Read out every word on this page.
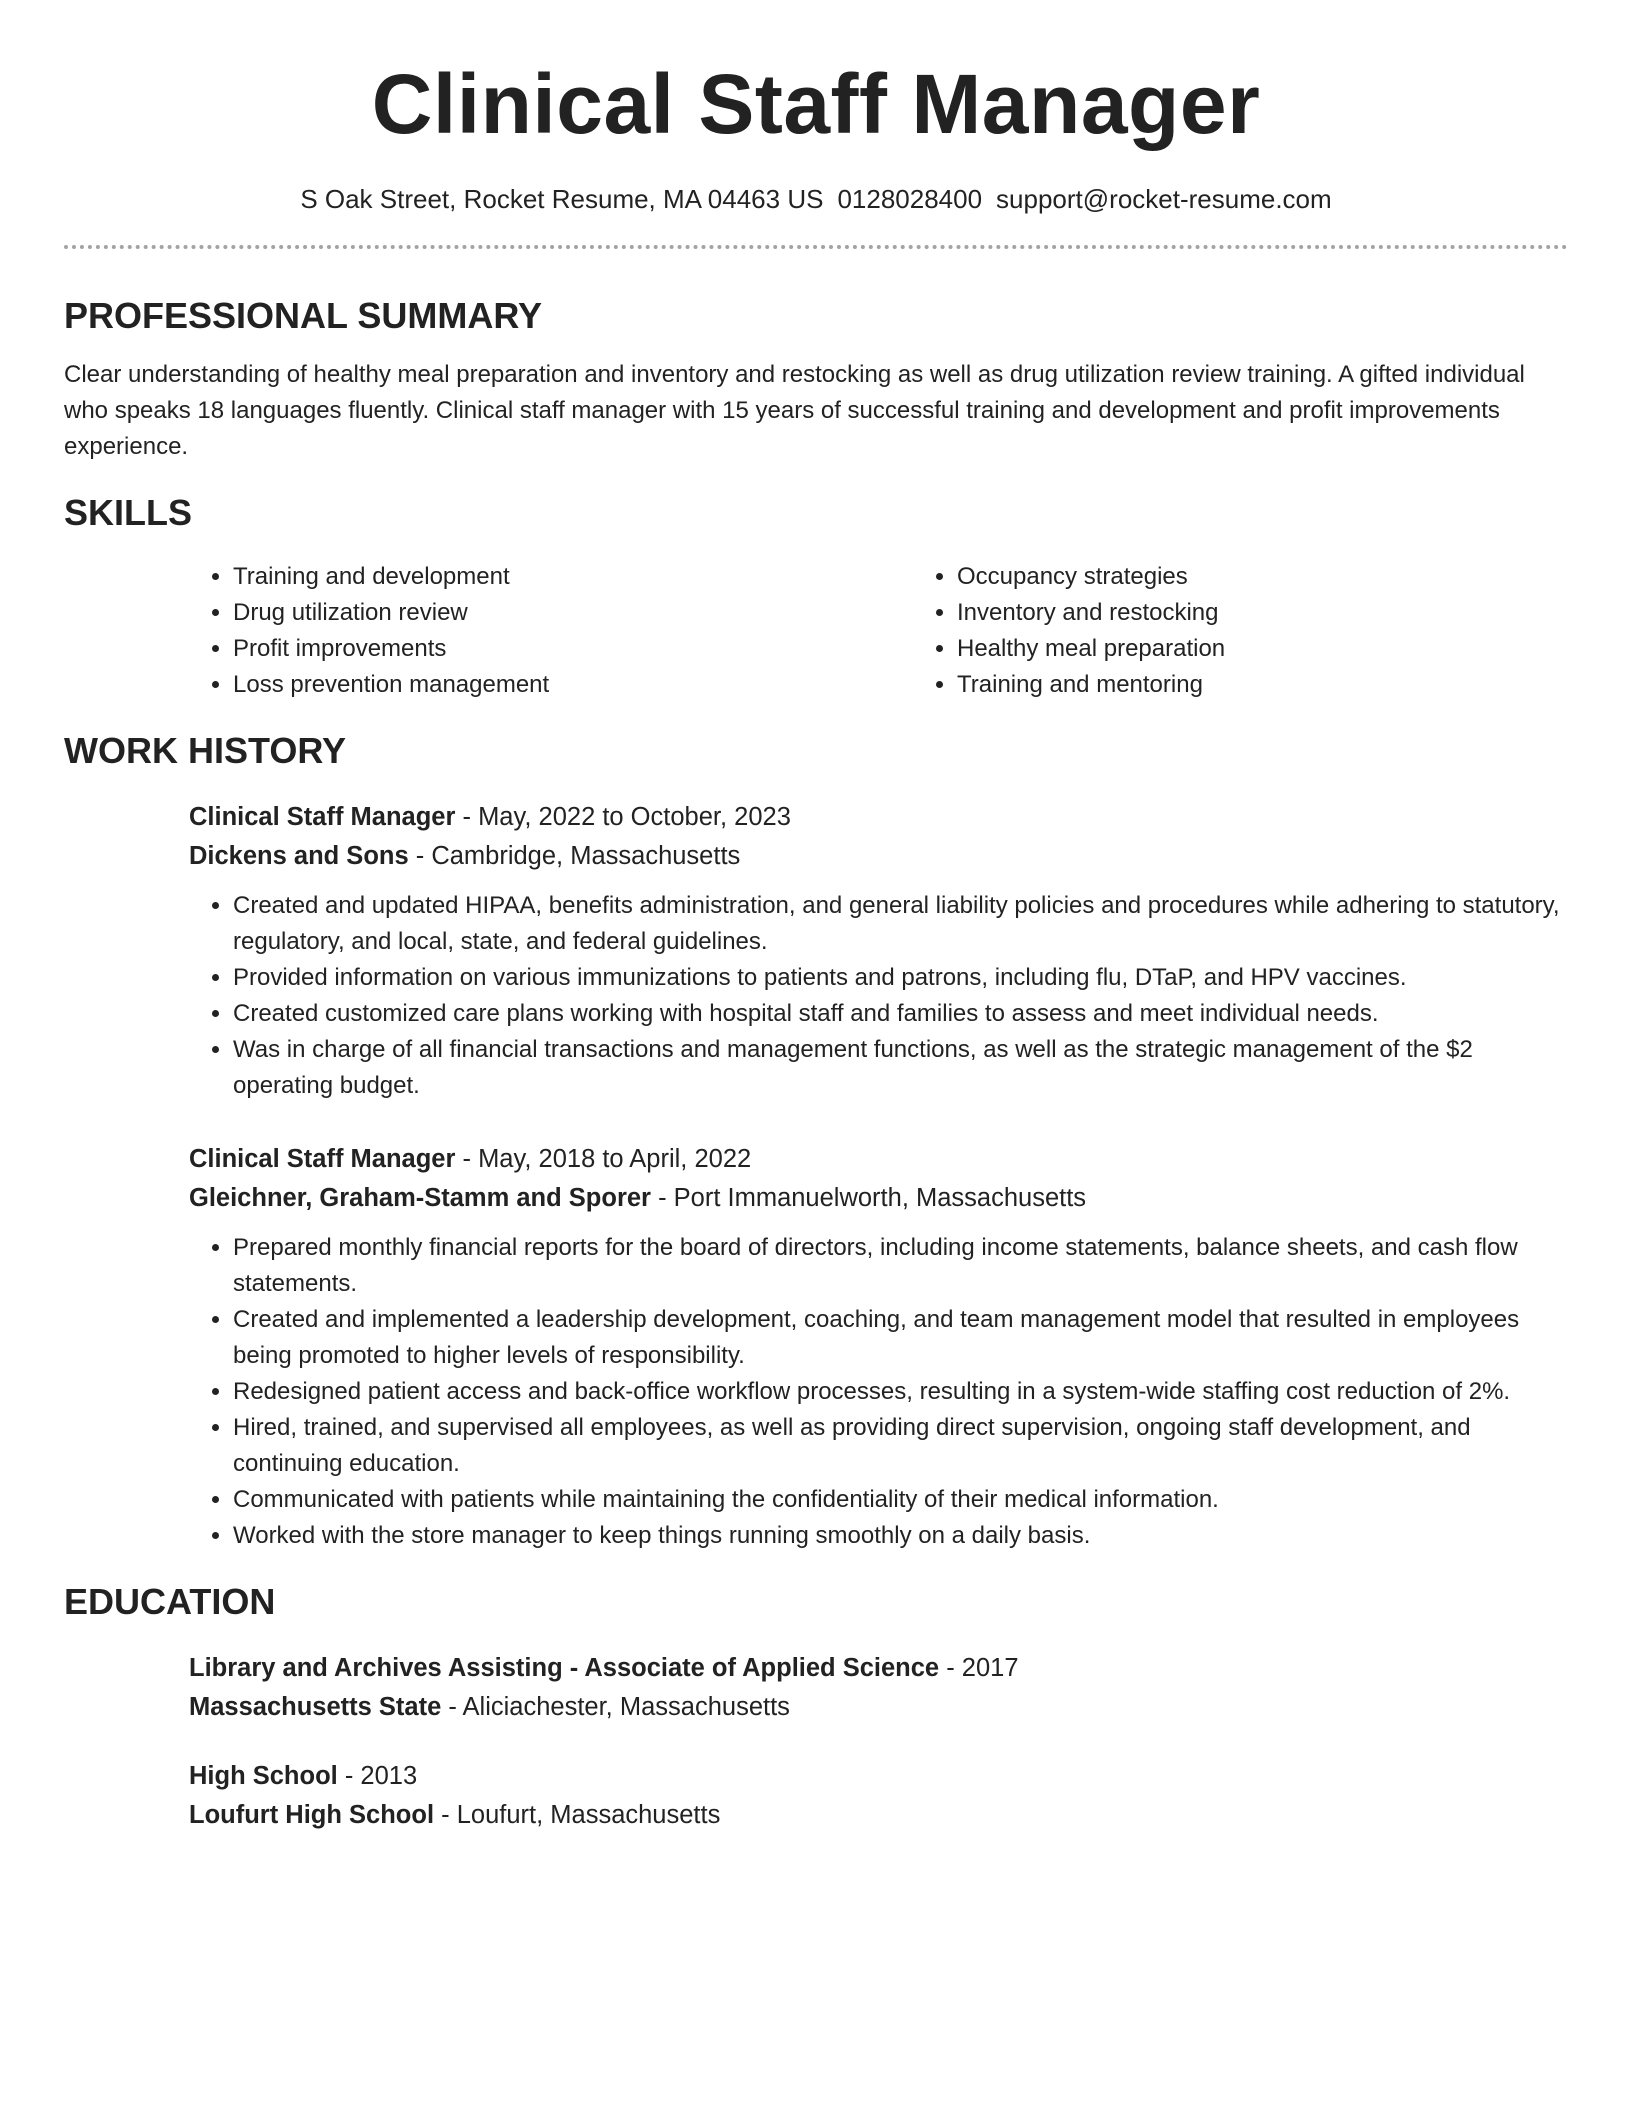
Clinical Staff Manager
S Oak Street, Rocket Resume, MA 04463 US 0128028400 support@rocket-resume.com
PROFESSIONAL SUMMARY

Clear understanding of healthy meal preparation and inventory and restocking as well as drug utilization review training. A gifted individual who speaks 18 languages fluently. Clinical staff manager with 15 years of successful training and development and profit improvements experience.

SKILLS
• Training and development
• Drug utilization review
• Profit improvements
• Loss prevention management
• Occupancy strategies
• Inventory and restocking
• Healthy meal preparation
• Training and mentoring
WORK HISTORY
Clinical Staff Manager - May, 2022 to October, 2023
Dickens and Sons - Cambridge, Massachusetts
• Created and updated HIPAA, benefits administration, and general liability policies and procedures while adhering to statutory, regulatory, and local, state, and federal guidelines.
• Provided information on various immunizations to patients and patrons, including flu, DTaP, and HPV vaccines.
• Created customized care plans working with hospital staff and families to assess and meet individual needs.
• Was in charge of all financial transactions and management functions, as well as the strategic management of the $2 operating budget.
Clinical Staff Manager - May, 2018 to April, 2022
Gleichner, Graham-Stamm and Sporer - Port Immanuelworth, Massachusetts
• Prepared monthly financial reports for the board of directors, including income statements, balance sheets, and cash flow statements.
• Created and implemented a leadership development, coaching, and team management model that resulted in employees being promoted to higher levels of responsibility.
• Redesigned patient access and back-office workflow processes, resulting in a system-wide staffing cost reduction of 2%.
• Hired, trained, and supervised all employees, as well as providing direct supervision, ongoing staff development, and continuing education.
• Communicated with patients while maintaining the confidentiality of their medical information.
• Worked with the store manager to keep things running smoothly on a daily basis.
EDUCATION
Library and Archives Assisting - Associate of Applied Science - 2017
Massachusetts State - Aliciachester, Massachusetts
High School - 2013
Loufurt High School - Loufurt, Massachusetts
